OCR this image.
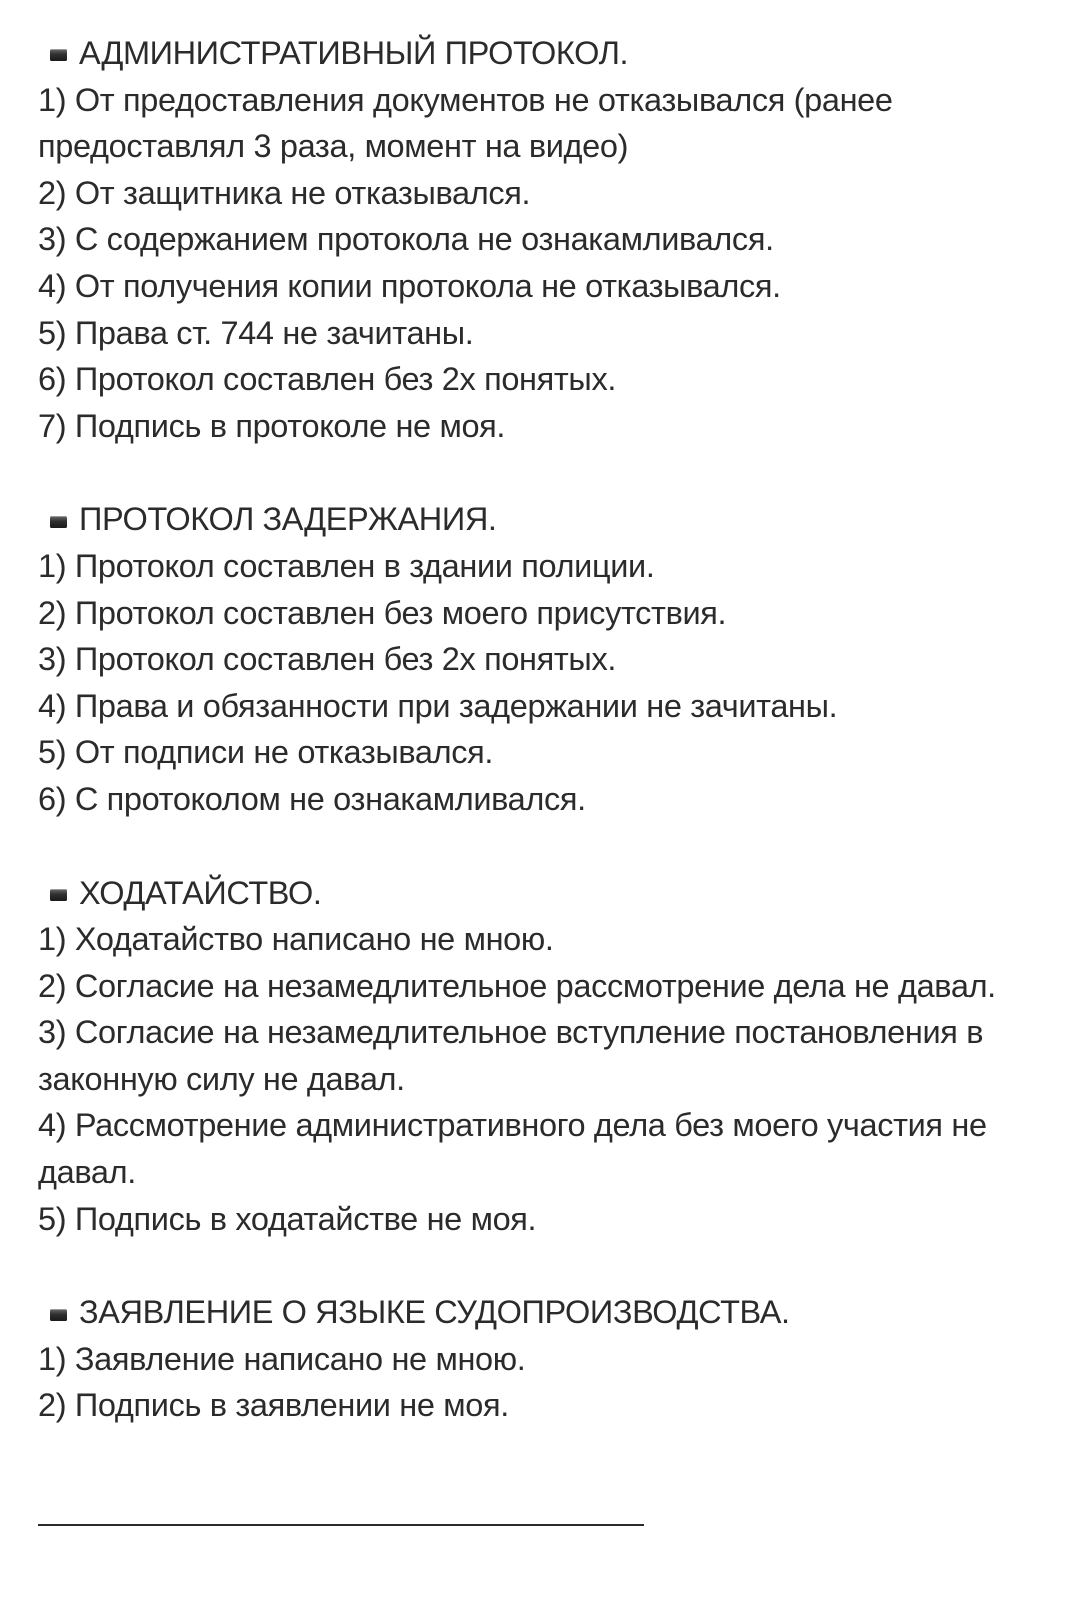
АДМИНИСТРАТИВНЫЙ ПРОТОКОЛ.

1) От предоставления документов не отказывался (ранее предоставлял 3 раза, момент на видео)

2) От защитника не отказывался.

3) С содержанием протокола не ознакамливался.

4) От получения копии протокола не отказывался.

5) Права ст. 744 не зачитаны.

6) Протокол составлен без 2х понятых.

7) Подпись в протоколе не моя.

ПРОТОКОЛ ЗАДЕРЖАНИЯ.

1) Протокол составлен в здании полиции.

2) Протокол составлен без моего присутствия.

3) Протокол составлен без 2х понятых.

4) Права и обязанности при задержании не зачитаны.

5) От подписи не отказывался.

6) С протоколом не ознакамливался.

ХОДАТАЙСТВО.

1) Ходатайство написано не мною.

2) Согласие на незамедлительное рассмотрение дела не давал.

3) Согласие на незамедлительное вступление постановления в законную силу не давал.

4) Рассмотрение административного дела без моего участия не давал.

5) Подпись в ходатайстве не моя.

ЗАЯВЛЕНИЕ О ЯЗЫКЕ СУДОПРОИЗВОДСТВА.

1) Заявление написано не мною.

2) Подпись в заявлении не моя.
